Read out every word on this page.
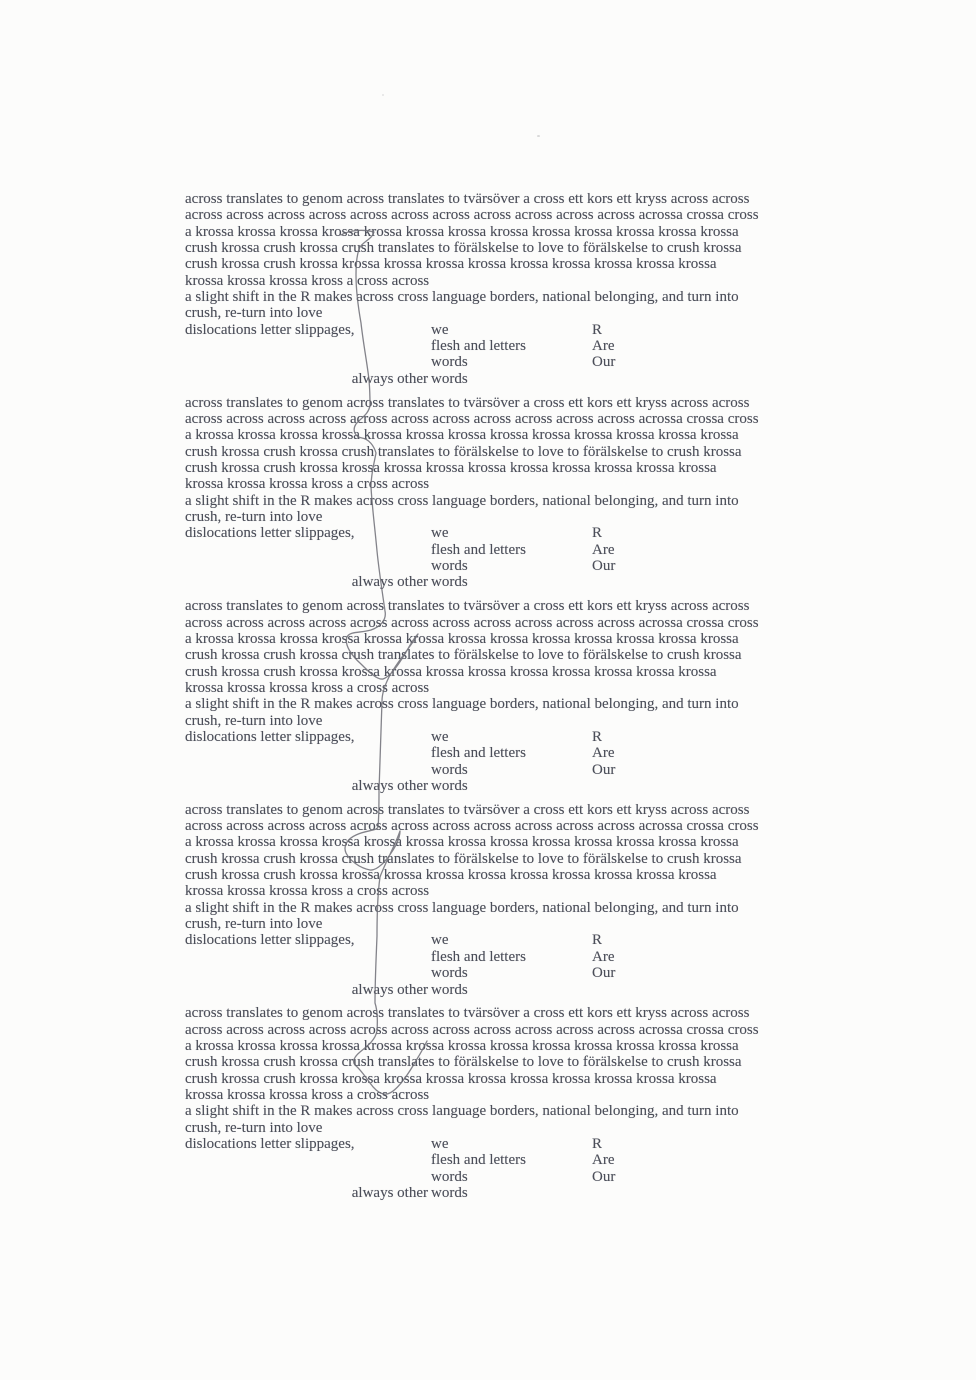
across translates to genom across translates to tvärsöver a cross ett kors ett kryss across across
across across across across across across across across across across across acrossa crossa cross
a krossa krossa krossa krossa krossa krossa krossa krossa krossa krossa krossa krossa krossa
crush krossa crush krossa crush translates to förälskelse to love to förälskelse to crush krossa
crush krossa crush krossa krossa krossa krossa krossa krossa krossa krossa krossa krossa
krossa krossa krossa kross a cross across
a slight shift in the R makes across cross language borders, national belonging, and turn into
crush, re-turn into love
dislocations letter slippages,	we	R
flesh and letters	Are
words	Our
always other words
across translates to genom across translates to tvärsöver a cross ett kors ett kryss across across
across across across across across across across across across across across acrossa crossa cross
a krossa krossa krossa krossa krossa krossa krossa krossa krossa krossa krossa krossa krossa
crush krossa crush krossa crush translates to förälskelse to love to förälskelse to crush krossa
crush krossa crush krossa krossa krossa krossa krossa krossa krossa krossa krossa krossa
krossa krossa krossa kross a cross across
a slight shift in the R makes across cross language borders, national belonging, and turn into
crush, re-turn into love
dislocations letter slippages,	we	R
flesh and letters	Are
words	Our
always other words
across translates to genom across translates to tvärsöver a cross ett kors ett kryss across across
across across across across across across across across across across across acrossa crossa cross
a krossa krossa krossa krossa krossa krossa krossa krossa krossa krossa krossa krossa krossa
crush krossa crush krossa crush translates to förälskelse to love to förälskelse to crush krossa
crush krossa crush krossa krossa krossa krossa krossa krossa krossa krossa krossa krossa
krossa krossa krossa kross a cross across
a slight shift in the R makes across cross language borders, national belonging, and turn into
crush, re-turn into love
dislocations letter slippages,	we	R
flesh and letters	Are
words	Our
always other words
across translates to genom across translates to tvärsöver a cross ett kors ett kryss across across
across across across across across across across across across across across acrossa crossa cross
a krossa krossa krossa krossa krossa krossa krossa krossa krossa krossa krossa krossa krossa
crush krossa crush krossa crush translates to förälskelse to love to förälskelse to crush krossa
crush krossa crush krossa krossa krossa krossa krossa krossa krossa krossa krossa krossa
krossa krossa krossa kross a cross across
a slight shift in the R makes across cross language borders, national belonging, and turn into
crush, re-turn into love
dislocations letter slippages,	we	R
flesh and letters	Are
words	Our
always other words
across translates to genom across translates to tvärsöver a cross ett kors ett kryss across across
across across across across across across across across across across across acrossa crossa cross
a krossa krossa krossa krossa krossa krossa krossa krossa krossa krossa krossa krossa krossa
crush krossa crush krossa crush translates to förälskelse to love to förälskelse to crush krossa
crush krossa crush krossa krossa krossa krossa krossa krossa krossa krossa krossa krossa
krossa krossa krossa kross a cross across
a slight shift in the R makes across cross language borders, national belonging, and turn into
crush, re-turn into love
dislocations letter slippages,	we	R
flesh and letters	Are
words	Our
always other words
